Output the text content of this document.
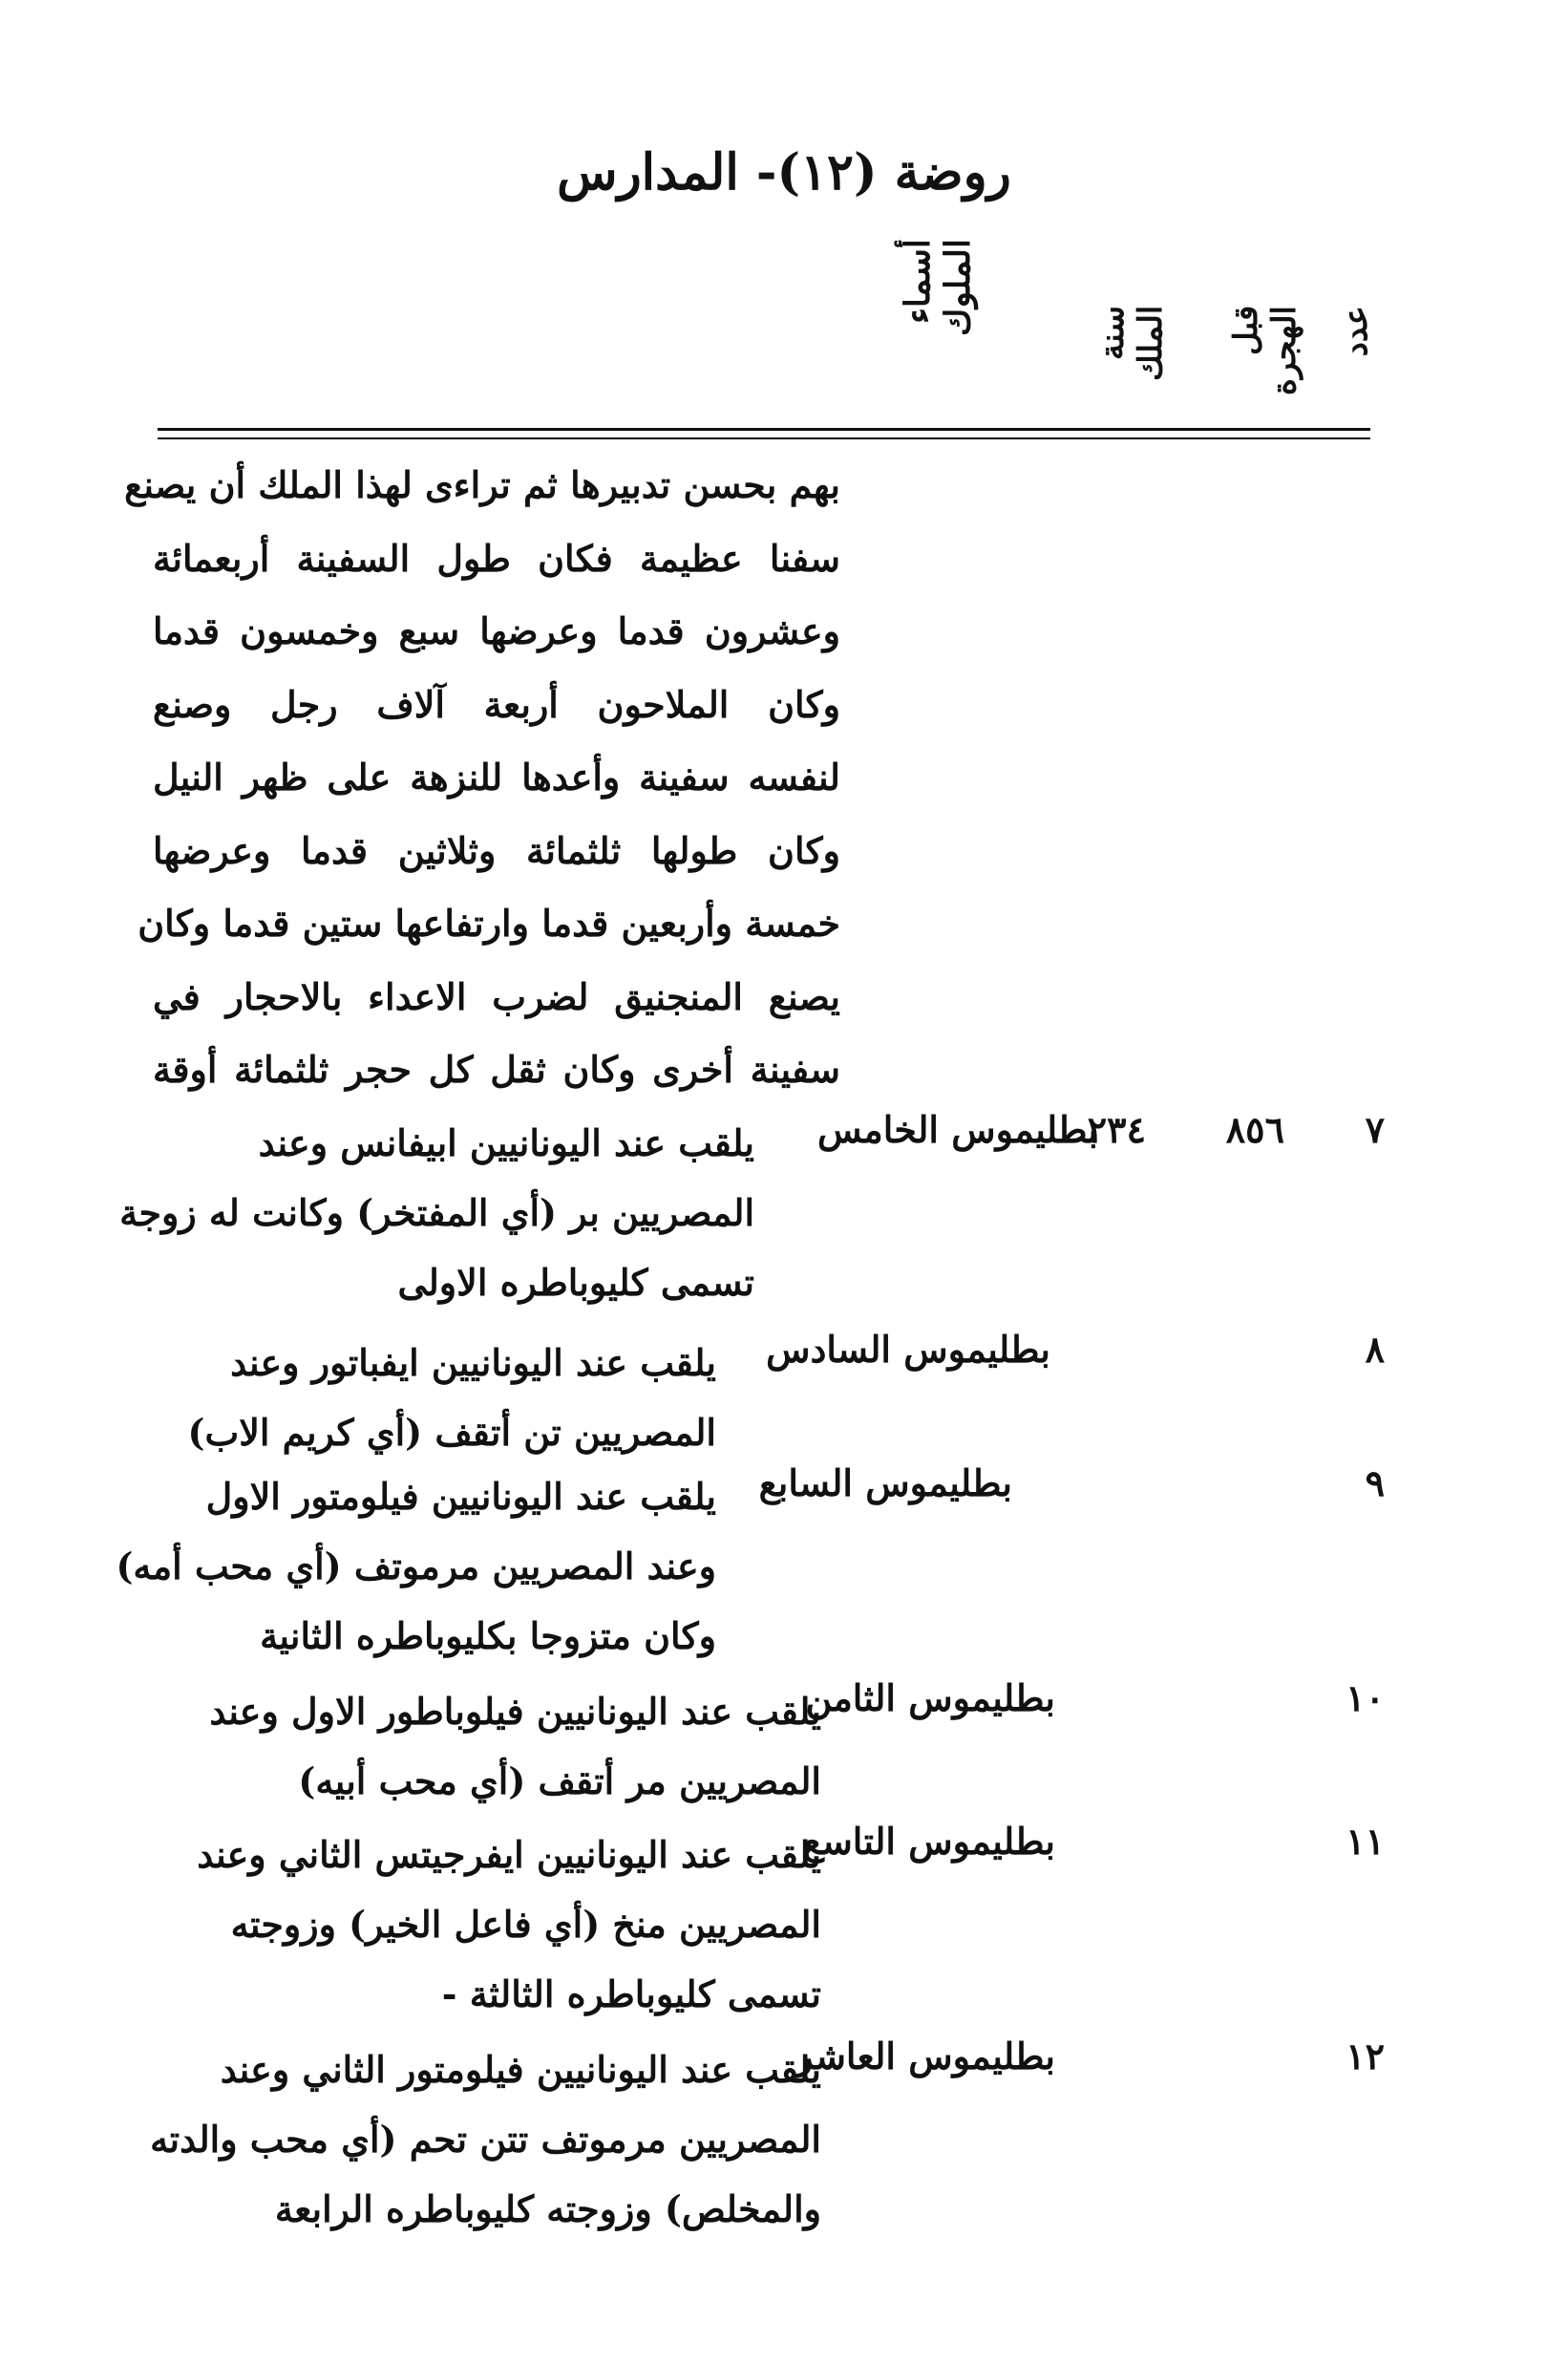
روضة (١٢)- المدارس
أسماء الملوك	سنة الملك قبل الهجرة عدد
بهم بحسن تدبيرها ثم تراءى لهذا الملك أن يصنع
سفنا عظيمة فكان طول السفينة أربعمائة
وعشرون قدما وعرضها سبع وخمسون قدما
وكان الملاحون أربعة آلاف رجل وصنع
لنفسه سفينة وأعدها للنزهة على ظهر النيل
وكان طولها ثلثمائة وثلاثين قدما وعرضها
خمسة وأربعين قدما وارتفاعها ستين قدما وكان
يصنع المنجنيق لضرب الاعداء بالاحجار في
سفينة أخرى وكان ثقل كل حجر ثلثمائة أوقة
٧
٨٥٦
٢٣٤
بطليموس الخامس
يلقب عند اليونانيين ابيفانس وعند
المصريين بر (أي المفتخر) وكانت له زوجة
تسمى كليوباطره الاولى
٨
بطليموس السادس
يلقب عند اليونانيين ايفباتور وعند
المصريين تن أتقف (أي كريم الاب)
٩
بطليموس السابع
يلقب عند اليونانيين فيلومتور الاول
وعند المصريين مرموتف (أي محب أمه)
وكان متزوجا بكليوباطره الثانية
١٠
بطليموس الثامن
يلقب عند اليونانيين فيلوباطور الاول وعند
المصريين مر أتقف (أي محب أبيه)
١١
بطليموس التاسع
يلقب عند اليونانيين ايفرجيتس الثاني وعند
المصريين منخ (أي فاعل الخير) وزوجته
تسمى كليوباطره الثالثة -
١٢
بطليموس العاشر
يلقب عند اليونانيين فيلومتور الثاني وعند
المصريين مرموتف تتن تحم (أي محب والدته
والمخلص) وزوجته كليوباطره الرابعة
